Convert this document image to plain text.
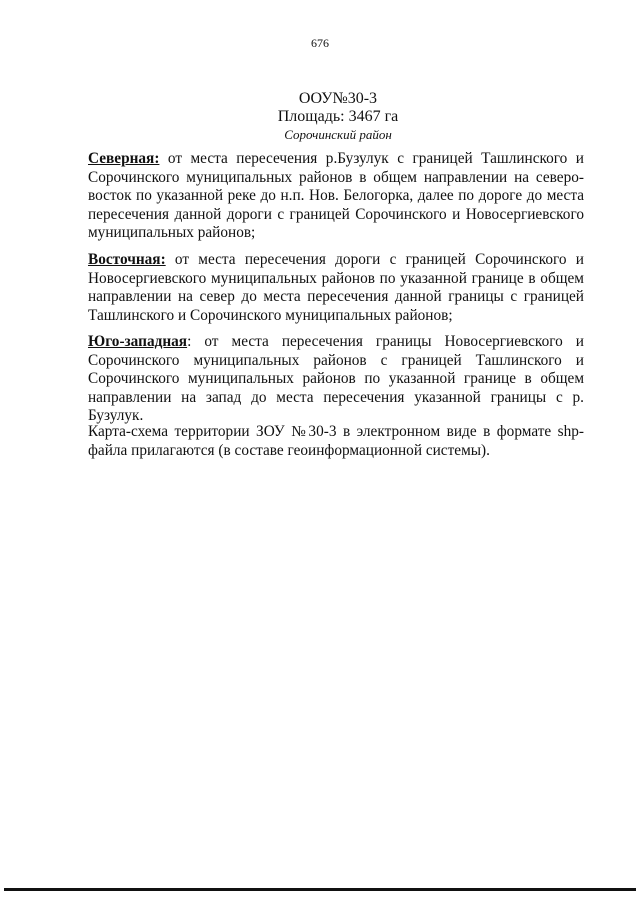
676
ООУ№30-3
Площадь: 3467 га
Сорочинский район
Северная: от места пересечения р.Бузулук с границей Ташлинского и Сорочинского муниципальных районов в общем направлении на северо-восток по указанной реке до н.п. Нов. Белогорка, далее по дороге до места пересечения данной дороги с границей Сорочинского и Новосергиевского муниципальных районов;
Восточная: от места пересечения дороги с границей Сорочинского и Новосергиевского муниципальных районов по указанной границе в общем направлении на север до места пересечения данной границы с границей Ташлинского и Сорочинского муниципальных районов;
Юго-западная: от места пересечения границы Новосергиевского и Сорочинского муниципальных районов с границей Ташлинского и Сорочинского муниципальных районов по указанной границе в общем направлении на запад до места пересечения указанной границы с р. Бузулук.
Карта-схема территории ЗОУ №30-3 в электронном виде в формате shp-файла прилагаются (в составе геоинформационной системы).
